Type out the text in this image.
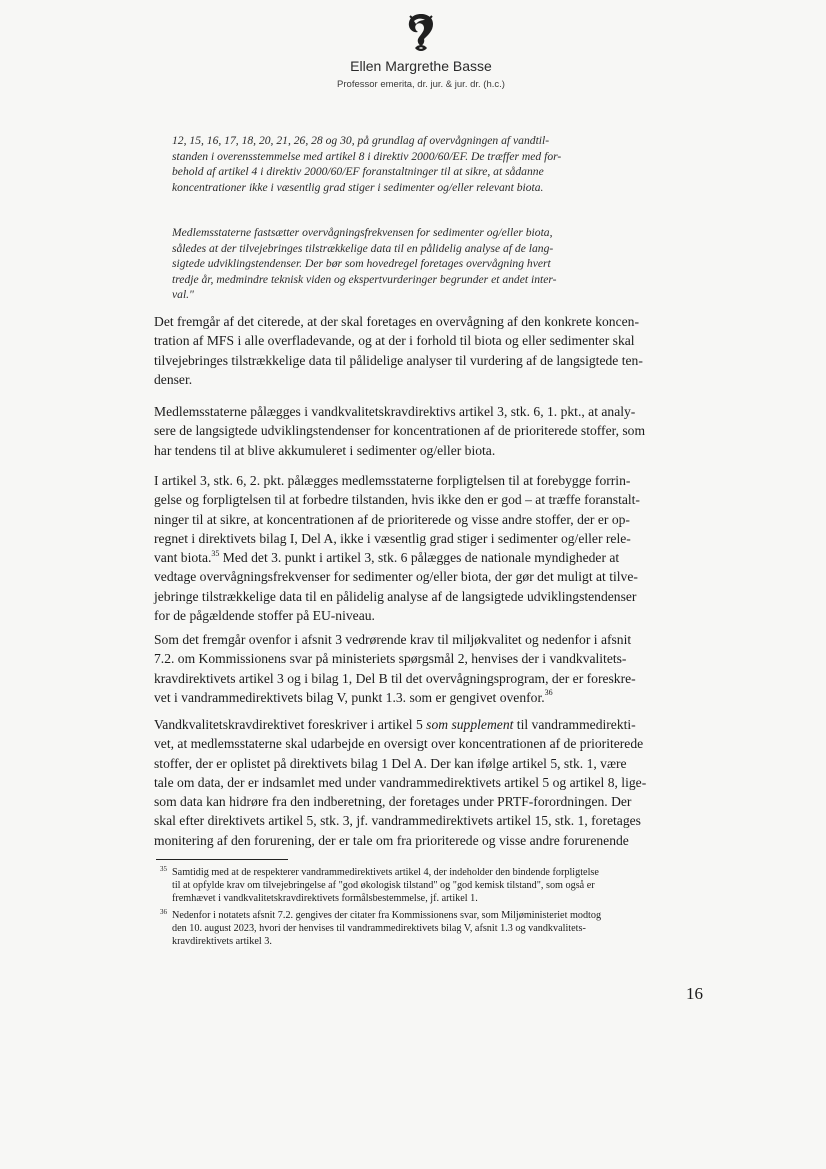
Ellen Margrethe Basse
Professor emerita, dr. jur. & jur. dr. (h.c.)
12, 15, 16, 17, 18, 20, 21, 26, 28 og 30, på grundlag af overvågningen af vandtil-
standen i overensstemmelse med artikel 8 i direktiv 2000/60/EF. De træffer med for-
behold af artikel 4 i direktiv 2000/60/EF foranstaltninger til at sikre, at sådanne
koncentrationer ikke i væsentlig grad stiger i sedimenter og/eller relevant biota.
Medlemsstaterne fastsætter overvågningsfrekvensen for sedimenter og/eller biota,
således at der tilvejebringes tilstrækkelige data til en pålidelig analyse af de lang-
sigtede udviklingstendenser. Der bør som hovedregel foretages overvågning hvert
tredje år, medmindre teknisk viden og ekspertvurderinger begrunder et andet inter-
val."
Det fremgår af det citerede, at der skal foretages en overvågning af den konkrete koncen-
tration af MFS i alle overfladevande, og at der i forhold til biota og eller sedimenter skal
tilvejebringes tilstrækkelige data til pålidelige analyser til vurdering af de langsigtede ten-
denser.
Medlemsstaterne pålægges i vandkvalitetskravdirektivs artikel 3, stk. 6, 1. pkt., at analy-
sere de langsigtede udviklingstendenser for koncentrationen af de prioriterede stoffer, som
har tendens til at blive akkumuleret i sedimenter og/eller biota.
I artikel 3, stk. 6, 2. pkt. pålægges medlemsstaterne forpligtelsen til at forebygge forrin-
gelse og forpligtelsen til at forbedre tilstanden, hvis ikke den er god – at træffe foranstalt-
ninger til at sikre, at koncentrationen af de prioriterede og visse andre stoffer, der er op-
regnet i direktivets bilag I, Del A, ikke i væsentlig grad stiger i sedimenter og/eller rele-
vant biota.$^{35}$ Med det 3. punkt i artikel 3, stk. 6 pålægges de nationale myndigheder at
vedtage overvågningsfrekvenser for sedimenter og/eller biota, der gør det muligt at tilve-
jebringe tilstrækkelige data til en pålidelig analyse af de langsigtede udviklingstendenser
for de pågældende stoffer på EU-niveau.
Som det fremgår ovenfor i afsnit 3 vedrørende krav til miljøkvalitet og nedenfor i afsnit
7.2. om Kommissionens svar på ministeriets spørgsmål 2, henvises der i vandkvalitets-
kravdirektivets artikel 3 og i bilag 1, Del B til det overvågningsprogram, der er foreskre-
vet i vandrammedirektivets bilag V, punkt 1.3. som er gengivet ovenfor.$^{36}$
Vandkvalitetskravdirektivet foreskriver i artikel 5 som supplement til vandrammedirekti-
vet, at medlemsstaterne skal udarbejde en oversigt over koncentrationen af de prioriterede
stoffer, der er oplistet på direktivets bilag 1 Del A. Der kan ifølge artikel 5, stk. 1, være
tale om data, der er indsamlet med under vandrammedirektivets artikel 5 og artikel 8, lige-
som data kan hidrøre fra den indberetning, der foretages under PRTF-forordningen. Der
skal efter direktivets artikel 5, stk. 3, jf. vandrammedirektivets artikel 15, stk. 1, foretages
monitering af den forurening, der er tale om fra prioriterede og visse andre forurenende
$^{35}$ Samtidig med at de respekterer vandrammedirektivets artikel 4, der indeholder den bindende forpligtelse
til at opfylde krav om tilvejebringelse af "god økologisk tilstand" og "god kemisk tilstand", som også er
fremhævet i vandkvalitetskravdirektivets formålsbestemmelse, jf. artikel 1.
$^{36}$ Nedenfor i notatets afsnit 7.2. gengives der citater fra Kommissionens svar, som Miljøministeriet modtog
den 10. august 2023, hvori der henvises til vandrammedirektivets bilag V, afsnit 1.3 og vandkvalitets-
kravdirektivets artikel 3.
16
